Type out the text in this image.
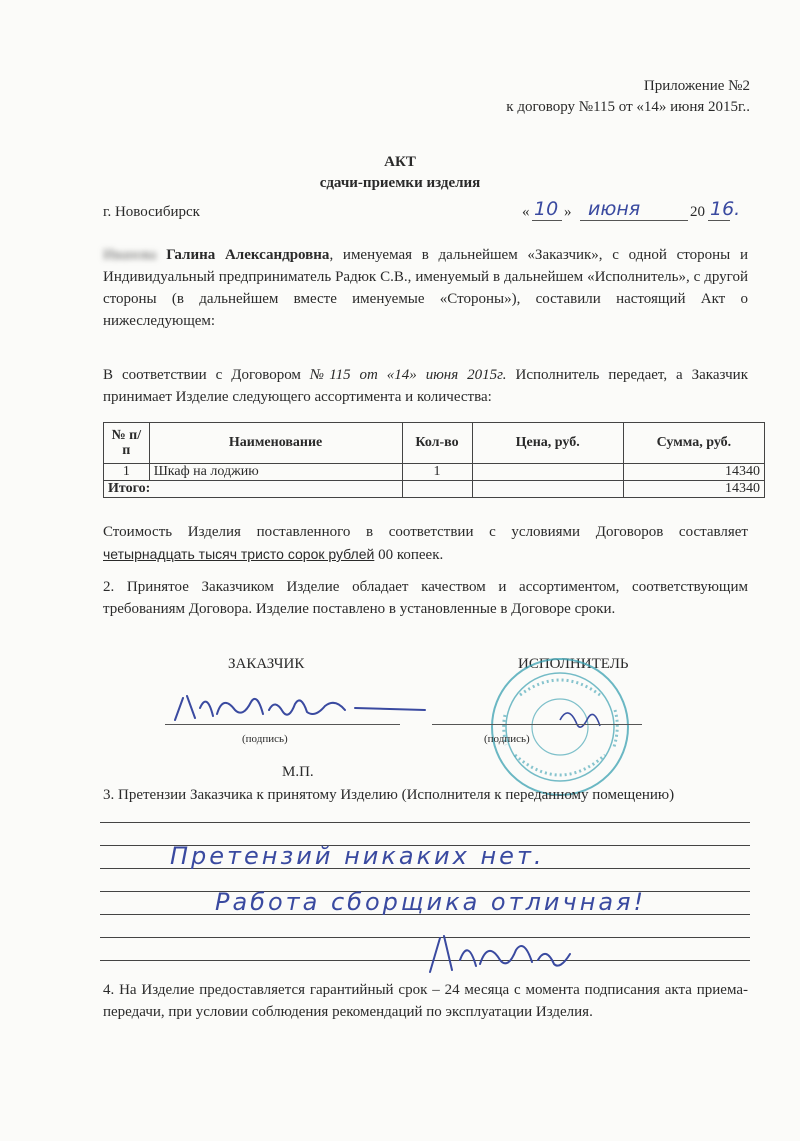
Приложение №2
к договору №115 от «14» июня 2015г..
АКТ
сдачи-приемки изделия
г. Новосибирск	« 10 » июня	20 16.
Иванова Галина Александровна, именуемая в дальнейшем «Заказчик», с одной стороны и Индивидуальный предприниматель Радюк С.В., именуемый в дальнейшем «Исполнитель», с другой стороны (в дальнейшем вместе именуемые «Стороны»), составили настоящий Акт о нижеследующем:
В соответствии с Договором №115 от «14» июня 2015г. Исполнитель передает, а Заказчик принимает Изделие следующего ассортимента и количества:
№ п/п	Наименование	Кол-во	Цена, руб.	Сумма, руб.
1	Шкаф на лоджию	1		14340
Итого:				14340
Стоимость Изделия поставленного в соответствии с условиями Договоров составляет четырнадцать тысяч тристо сорок рублей 00 копеек.
2. Принятое Заказчиком Изделие обладает качеством и ассортиментом, соответствующим требованиям Договора. Изделие поставлено в установленные в Договоре сроки.
ЗАКАЗЧИК	ИСПОЛНИТЕЛЬ
(подпись)	(подпись)
М.П.
3. Претензии Заказчика к принятому Изделию (Исполнителя к переданному помещению)
Претензий никаких нет.
Работа сборщика отличная!
4. На Изделие предоставляется гарантийный срок – 24 месяца с момента подписания акта приема-передачи, при условии соблюдения рекомендаций по эксплуатации Изделия.
